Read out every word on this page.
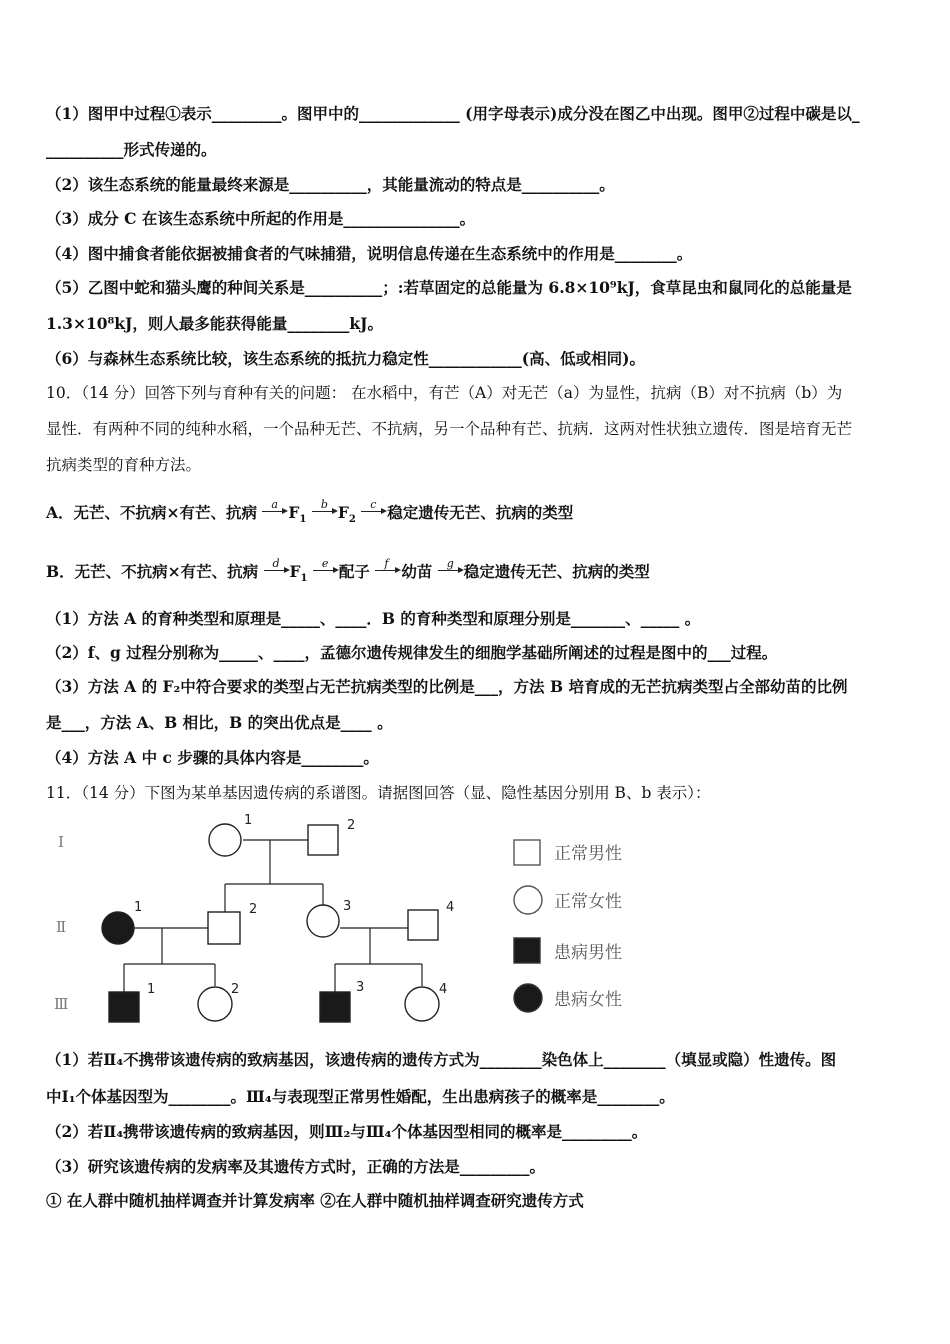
（1）图甲中过程①表示_________。图甲中的_____________ (用字母表示)成分没在图乙中出现。图甲②过程中碳是以_
__________形式传递的。
（2）该生态系统的能量最终来源是__________，其能量流动的特点是__________。
（3）成分 C 在该生态系统中所起的作用是_______________。
（4）图中捕食者能依据被捕食者的气味捕猎，说明信息传递在生态系统中的作用是________。
（5）乙图中蛇和猫头鹰的种间关系是__________；:若草固定的总能量为 6.8×10⁹kJ，食草昆虫和鼠同化的总能量是
1.3×10⁸kJ，则人最多能获得能量________kJ。
（6）与森林生态系统比较，该生态系统的抵抗力稳定性____________(高、低或相同)。
10．（14 分）回答下列与育种有关的问题： 在水稻中，有芒（A）对无芒（a）为显性，抗病（B）对不抗病（b）为
显性．有两种不同的纯种水稻，一个品种无芒、不抗病，另一个品种有芒、抗病．这两对性状独立遗传．图是培育无芒
抗病类型的育种方法。
A．无芒、不抗病×有芒、抗病 a $F_1$
b $F_2$
c 稳定遗传无芒、抗病的类型
B．无芒、不抗病×有芒、抗病 d $F_1$
e 配子 f 幼苗 g 稳定遗传无芒、抗病的类型
（1）方法 A 的育种类型和原理是_____、____．B 的育种类型和原理分别是_______、_____ 。
（2）f、g 过程分别称为_____、____，孟德尔遗传规律发生的细胞学基础所阐述的过程是图中的___过程。
（3）方法 A 的 F₂中符合要求的类型占无芒抗病类型的比例是___，方法 B 培育成的无芒抗病类型占全部幼苗的比例
是___，方法 A、B 相比，B 的突出优点是____ 。
（4）方法 A 中 c 步骤的具体内容是________。
11．（14 分）下图为某单基因遗传病的系谱图。请据图回答（显、隐性基因分别用 B、b 表示）：
Ⅰ
Ⅱ
Ⅲ
1	2
1	2	3	4
1	2	3	4
正常男性
正常女性
患病男性
患病女性
（1）若Ⅱ₄不携带该遗传病的致病基因，该遗传病的遗传方式为________染色体上________（填显或隐）性遗传。图
中Ⅰ₁个体基因型为________。Ⅲ₄与表现型正常男性婚配，生出患病孩子的概率是________。
（2）若Ⅱ₄携带该遗传病的致病基因，则Ⅲ₂与Ⅲ₄个体基因型相同的概率是_________。
（3）研究该遗传病的发病率及其遗传方式时，正确的方法是_________。
① 在人群中随机抽样调查并计算发病率 ②在人群中随机抽样调查研究遗传方式
